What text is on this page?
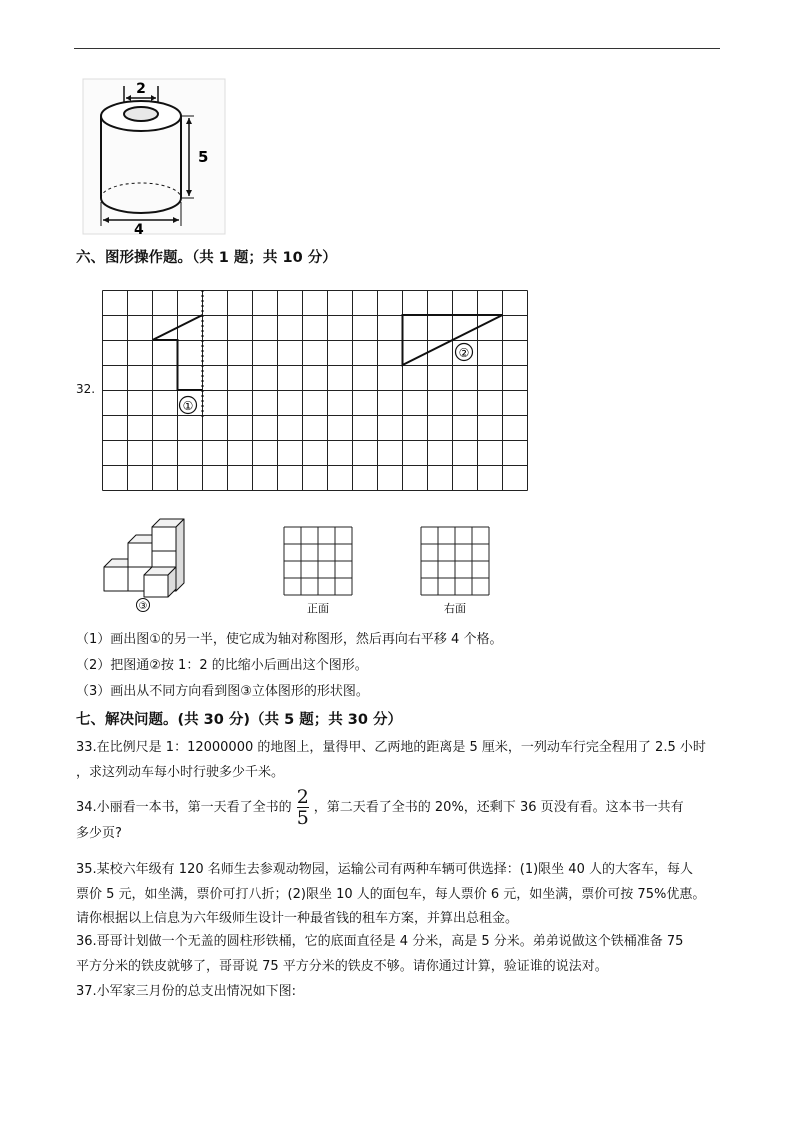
2
5
4
六、图形操作题。（共 1 题；共 10 分）
32.
①
②
③	正面	右面
（1）画出图①的另一半，使它成为轴对称图形，然后再向右平移 4 个格。
（2）把图通②按 1：2 的比缩小后画出这个图形。
（3）画出从不同方向看到图③立体图形的形状图。
七、解决问题。(共 30 分)（共 5 题；共 30 分）
33.在比例尺是 1：12000000 的地图上，量得甲、乙两地的距离是 5 厘米，一列动车行完全程用了 2.5 小时
，求这列动车每小时行驶多少千米。
34.小丽看一本书，第一天看了全书的 $\frac{2}{5}$ ，第二天看了全书的 20%，还剩下 36 页没有看。这本书一共有
多少页?
35.某校六年级有 120 名师生去参观动物园，运输公司有两种车辆可供选择：(1)限坐 40 人的大客车，每人
票价 5 元，如坐满，票价可打八折；(2)限坐 10 人的面包车，每人票价 6 元，如坐满，票价可按 75%优惠。
请你根据以上信息为六年级师生设计一种最省钱的租车方案，并算出总租金。
36.哥哥计划做一个无盖的圆柱形铁桶，它的底面直径是 4 分米，高是 5 分米。弟弟说做这个铁桶准备 75
平方分米的铁皮就够了，哥哥说 75 平方分米的铁皮不够。请你通过计算，验证谁的说法对。
37.小军家三月份的总支出情况如下图:
